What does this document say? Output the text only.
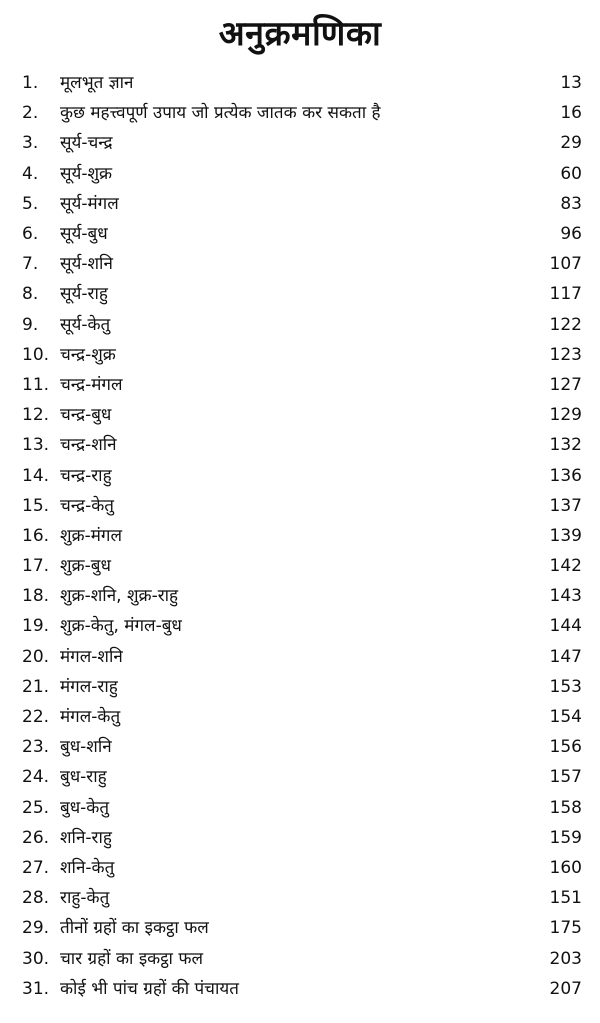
अनुक्रमणिका
1.	मूलभूत ज्ञान	13
2.	कुछ महत्त्वपूर्ण उपाय जो प्रत्येक जातक कर सकता है	16
3.	सूर्य-चन्द्र	29
4.	सूर्य-शुक्र	60
5.	सूर्य-मंगल	83
6.	सूर्य-बुध	96
7.	सूर्य-शनि	107
8.	सूर्य-राहु	117
9.	सूर्य-केतु	122
10. चन्द्र-शुक्र	123
11. चन्द्र-मंगल	127
12. चन्द्र-बुध	129
13. चन्द्र-शनि	132
14. चन्द्र-राहु	136
15. चन्द्र-केतु	137
16. शुक्र-मंगल	139
17. शुक्र-बुध	142
18. शुक्र-शनि, शुक्र-राहु	143
19. शुक्र-केतु, मंगल-बुध	144
20. मंगल-शनि	147
21. मंगल-राहु	153
22. मंगल-केतु	154
23. बुध-शनि	156
24. बुध-राहु	157
25. बुध-केतु	158
26. शनि-राहु	159
27. शनि-केतु	160
28. राहु-केतु	151
29. तीनों ग्रहों का इकट्ठा फल	175
30. चार ग्रहों का इकट्ठा फल	203
31. कोई भी पांच ग्रहों की पंचायत	207
